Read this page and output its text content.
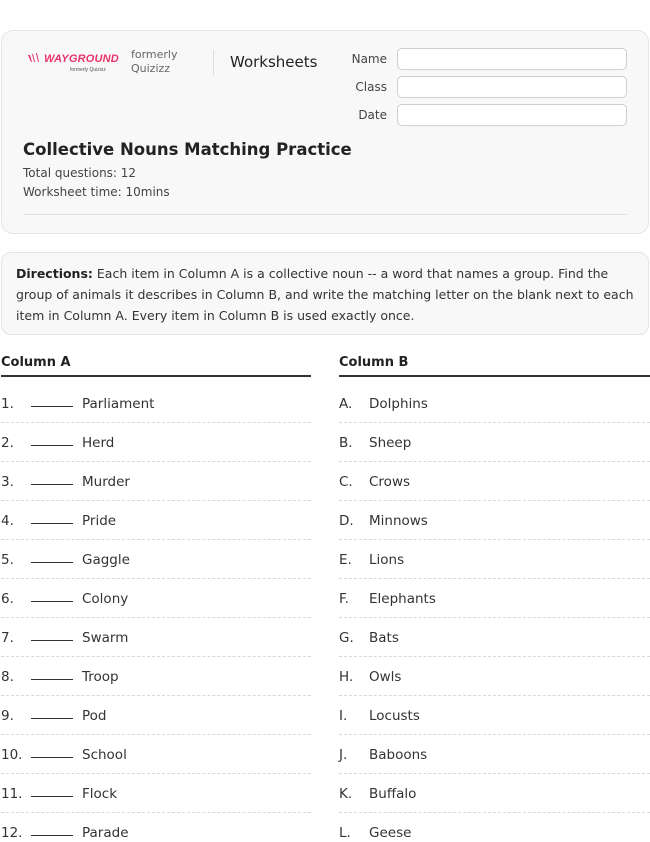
WAYGROUND
formerly Quizizz
formerly
Quizizz	Worksheets	Name
Class
Date
Collective Nouns Matching Practice
Total questions: 12
Worksheet time: 10mins
Directions: Each item in Column A is a collective noun -- a word that names a group. Find the group of animals it describes in Column B, and write the matching letter on the blank next to each item in Column A. Every item in Column B is used exactly once.
Column A	Column B
1.	Parliament	A.	Dolphins
2.	Herd	B.	Sheep
3.	Murder	C.	Crows
4.	Pride	D.	Minnows
5.	Gaggle	E.	Lions
6.	Colony	F.	Elephants
7.	Swarm	G.	Bats
8.	Troop	H.	Owls
9.	Pod	I.	Locusts
10.	School	J.	Baboons
11.	Flock	K.	Buffalo
12.	Parade	L.	Geese
